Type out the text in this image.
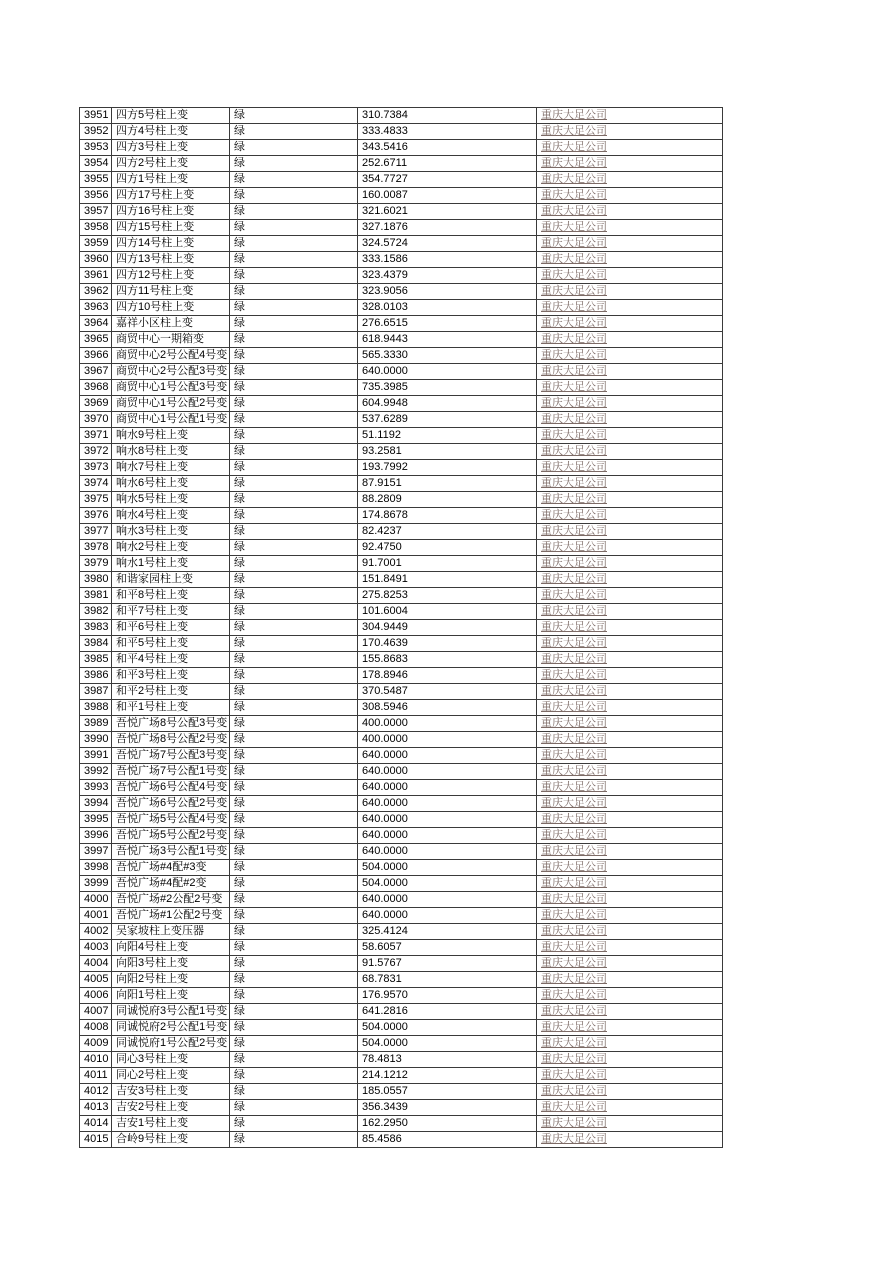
3951	四方5号柱上变	绿	310.7384	重庆大足公司
3952	四方4号柱上变	绿	333.4833	重庆大足公司
3953	四方3号柱上变	绿	343.5416	重庆大足公司
3954	四方2号柱上变	绿	252.6711	重庆大足公司
3955	四方1号柱上变	绿	354.7727	重庆大足公司
3956	四方17号柱上变	绿	160.0087	重庆大足公司
3957	四方16号柱上变	绿	321.6021	重庆大足公司
3958	四方15号柱上变	绿	327.1876	重庆大足公司
3959	四方14号柱上变	绿	324.5724	重庆大足公司
3960	四方13号柱上变	绿	333.1586	重庆大足公司
3961	四方12号柱上变	绿	323.4379	重庆大足公司
3962	四方11号柱上变	绿	323.9056	重庆大足公司
3963	四方10号柱上变	绿	328.0103	重庆大足公司
3964	嘉祥小区柱上变	绿	276.6515	重庆大足公司
3965	商贸中心一期箱变	绿	618.9443	重庆大足公司
3966	商贸中心2号公配4号变	绿	565.3330	重庆大足公司
3967	商贸中心2号公配3号变	绿	640.0000	重庆大足公司
3968	商贸中心1号公配3号变	绿	735.3985	重庆大足公司
3969	商贸中心1号公配2号变	绿	604.9948	重庆大足公司
3970	商贸中心1号公配1号变	绿	537.6289	重庆大足公司
3971	响水9号柱上变	绿	51.1192	重庆大足公司
3972	响水8号柱上变	绿	93.2581	重庆大足公司
3973	响水7号柱上变	绿	193.7992	重庆大足公司
3974	响水6号柱上变	绿	87.9151	重庆大足公司
3975	响水5号柱上变	绿	88.2809	重庆大足公司
3976	响水4号柱上变	绿	174.8678	重庆大足公司
3977	响水3号柱上变	绿	82.4237	重庆大足公司
3978	响水2号柱上变	绿	92.4750	重庆大足公司
3979	响水1号柱上变	绿	91.7001	重庆大足公司
3980	和谐家园柱上变	绿	151.8491	重庆大足公司
3981	和平8号柱上变	绿	275.8253	重庆大足公司
3982	和平7号柱上变	绿	101.6004	重庆大足公司
3983	和平6号柱上变	绿	304.9449	重庆大足公司
3984	和平5号柱上变	绿	170.4639	重庆大足公司
3985	和平4号柱上变	绿	155.8683	重庆大足公司
3986	和平3号柱上变	绿	178.8946	重庆大足公司
3987	和平2号柱上变	绿	370.5487	重庆大足公司
3988	和平1号柱上变	绿	308.5946	重庆大足公司
3989	吾悦广场8号公配3号变	绿	400.0000	重庆大足公司
3990	吾悦广场8号公配2号变	绿	400.0000	重庆大足公司
3991	吾悦广场7号公配3号变	绿	640.0000	重庆大足公司
3992	吾悦广场7号公配1号变	绿	640.0000	重庆大足公司
3993	吾悦广场6号公配4号变	绿	640.0000	重庆大足公司
3994	吾悦广场6号公配2号变	绿	640.0000	重庆大足公司
3995	吾悦广场5号公配4号变	绿	640.0000	重庆大足公司
3996	吾悦广场5号公配2号变	绿	640.0000	重庆大足公司
3997	吾悦广场3号公配1号变	绿	640.0000	重庆大足公司
3998	吾悦广场#4配#3变	绿	504.0000	重庆大足公司
3999	吾悦广场#4配#2变	绿	504.0000	重庆大足公司
4000	吾悦广场#2公配2号变	绿	640.0000	重庆大足公司
4001	吾悦广场#1公配2号变	绿	640.0000	重庆大足公司
4002	吴家坡柱上变压器	绿	325.4124	重庆大足公司
4003	向阳4号柱上变	绿	58.6057	重庆大足公司
4004	向阳3号柱上变	绿	91.5767	重庆大足公司
4005	向阳2号柱上变	绿	68.7831	重庆大足公司
4006	向阳1号柱上变	绿	176.9570	重庆大足公司
4007	同诚悦府3号公配1号变	绿	641.2816	重庆大足公司
4008	同诚悦府2号公配1号变	绿	504.0000	重庆大足公司
4009	同诚悦府1号公配2号变	绿	504.0000	重庆大足公司
4010	同心3号柱上变	绿	78.4813	重庆大足公司
4011	同心2号柱上变	绿	214.1212	重庆大足公司
4012	吉安3号柱上变	绿	185.0557	重庆大足公司
4013	吉安2号柱上变	绿	356.3439	重庆大足公司
4014	吉安1号柱上变	绿	162.2950	重庆大足公司
4015	合岭9号柱上变	绿	85.4586	重庆大足公司
